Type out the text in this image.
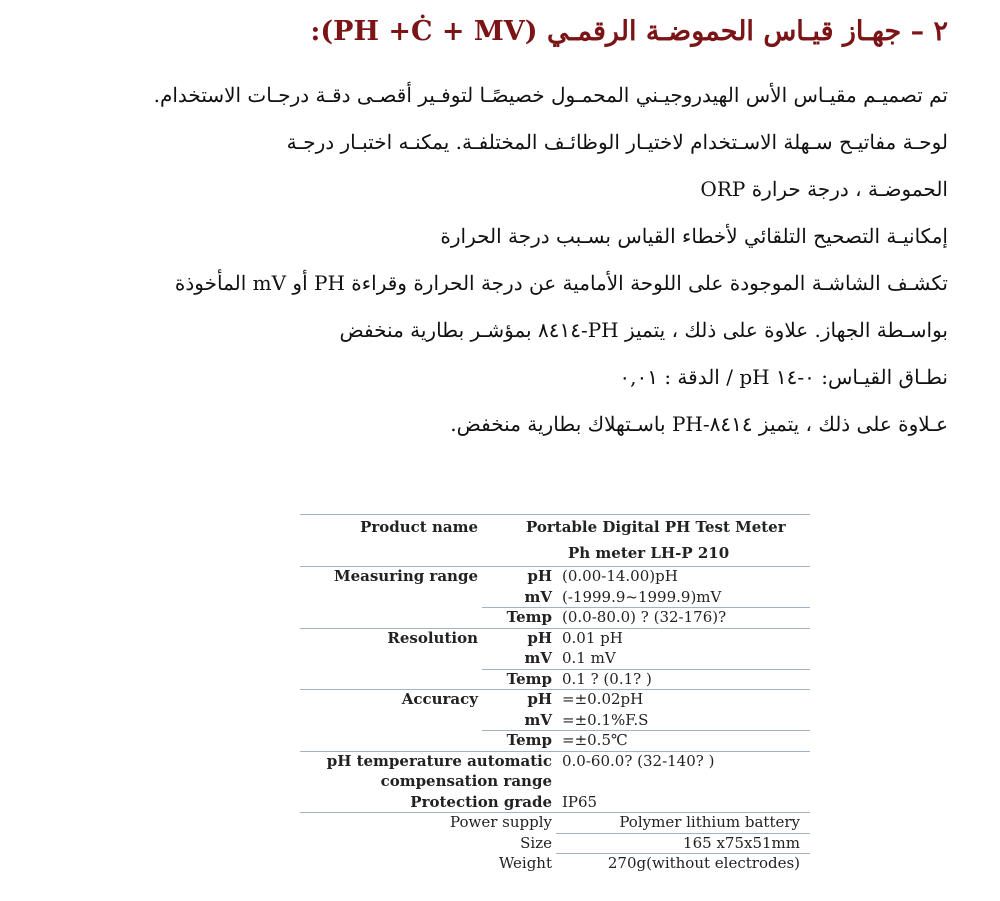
٢ – جهـاز قيـاس الحموضـة الرقمـي (PH +Ċ + MV):

تم تصميـم مقيـاس الأس الهيدروجيـني المحمـول خصيصًـا لتوفـير أقصـى دقـة درجـات الاستخدام.

لوحـة مفاتيـح سـهلة الاسـتخدام لاختيـار الوظائـف المختلفـة. يمكنـه اختبـار درجـة

الحموضـة ، درجة حرارة ORP

إمكانيـة التصحيح التلقائي لأخطاء القياس بسـبب درجة الحرارة

تكشـف الشاشـة الموجودة على اللوحة الأمامية عن درجة الحرارة وقراءة PH أو mV المأخوذة

بواسـطة الجهاز. علاوة على ذلك ، يتميز PH-٨٤١٤ بمؤشـر بطارية منخفض

نطـاق القيـاس: ٠-١٤ pH / الدقة : ٠,٠١

عـلاوة على ذلك ، يتميز ٨٤١٤-PH باسـتهلاك بطارية منخفض.

Product name	Portable Digital PH Test Meter
Ph meter LH-P 210
Measuring range	pH (0.00-14.00)pH
mV (-1999.9~1999.9)mV
Temp (0.0-80.0) ? (32-176)?
Resolution	pH 0.01 pH
mV 0.1 mV
Temp 0.1 ? (0.1? )
Accuracy	pH =±0.02pH
mV =±0.1%F.S
Temp =±0.5℃
pH temperature automatic 0.0-60.0? (32-140? )
compensation range
Protection grade IP65
Power supply	Polymer lithium battery
Size	165 x75x51mm
Weight	270g(without electrodes)
